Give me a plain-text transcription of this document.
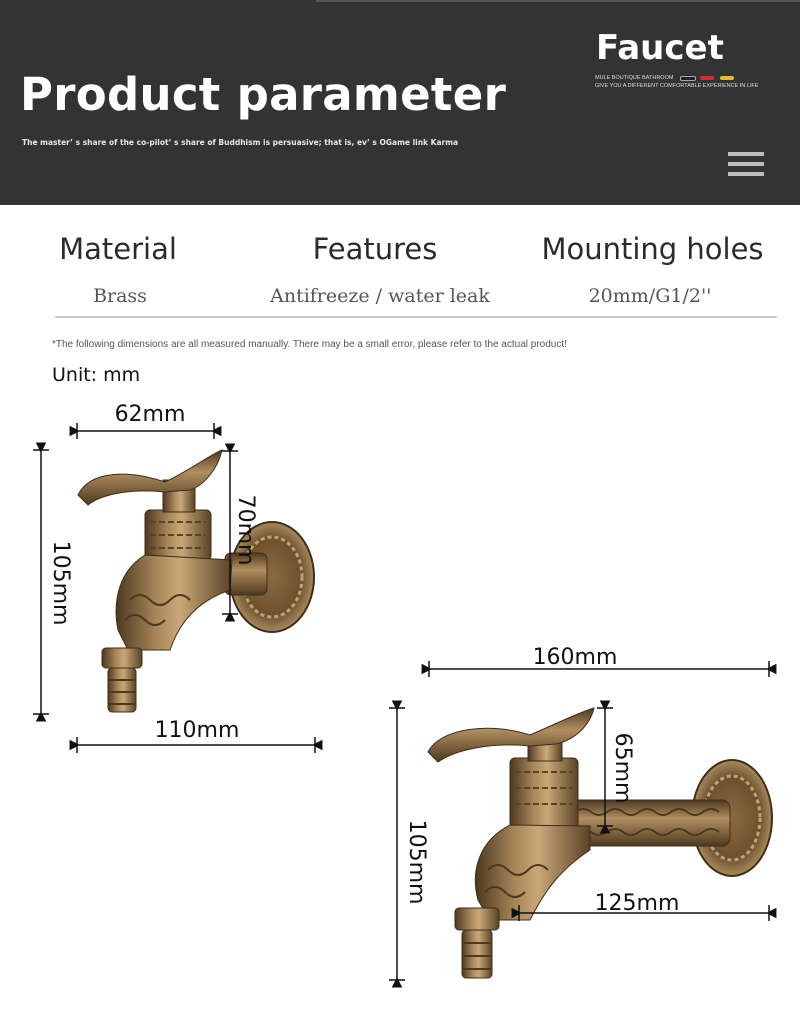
Product parameter
The master’ s share of the co-pilot’ s share of Buddhism is persuasive; that is, ev’ s OGame link Karma
Faucet
MULE BOUTIQUE BATHROOM
GIVE YOU A DIFFERENT COMFORTABLE EXPERIENCE IN LIFE
Material	Features	Mounting holes
Brass	Antifreeze / water leak	20mm/G1/2''
*The following dimensions are all measured manually. There may be a small error, please refer to the actual product!
Unit: mm
62mm
110mm
105mm
70mm
160mm
125mm
105mm
65mm
